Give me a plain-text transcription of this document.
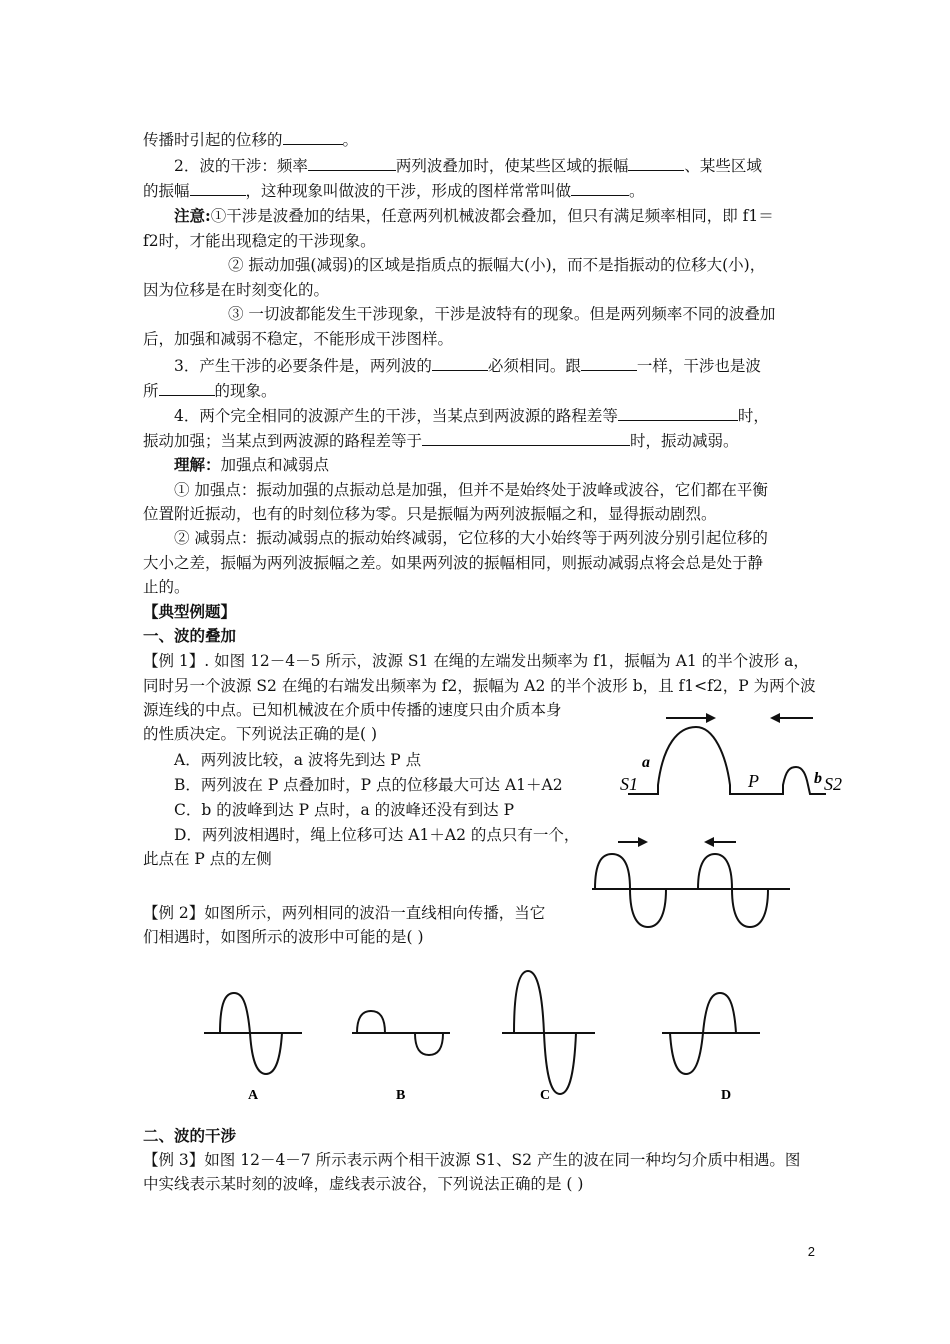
传播时引起的位移的	。
2．波的干涉：频率	两列波叠加时，使某些区域的振幅	、某些区域
的振幅	，这种现象叫做波的干涉，形成的图样常常叫做	。
注意:①干涉是波叠加的结果，任意两列机械波都会叠加，但只有满足频率相同，即 f1＝
f2时，才能出现稳定的干涉现象。
② 振动加强(减弱)的区域是指质点的振幅大(小)，而不是指振动的位移大(小)，
因为位移是在时刻变化的。
③ 一切波都能发生干涉现象，干涉是波特有的现象。但是两列频率不同的波叠加
后，加强和减弱不稳定，不能形成干涉图样。
3．产生干涉的必要条件是，两列波的	必须相同。跟	一样，干涉也是波
所	的现象。
4．两个完全相同的波源产生的干涉，当某点到两波源的路程差等	时，
振动加强；当某点到两波源的路程差等于	时，振动减弱。
理解：加强点和减弱点
① 加强点：振动加强的点振动总是加强，但并不是始终处于波峰或波谷，它们都在平衡
位置附近振动，也有的时刻位移为零。只是振幅为两列波振幅之和，显得振动剧烈。
② 减弱点：振动减弱点的振动始终减弱，它位移的大小始终等于两列波分别引起位移的
大小之差，振幅为两列波振幅之差。如果两列波的振幅相同，则振动减弱点将会总是处于静
止的。
【典型例题】
一、波的叠加
【例 1】. 如图 12－4－5 所示，波源 S1 在绳的左端发出频率为 f1，振幅为 A1 的半个波形 a，
同时另一个波源 S2 在绳的右端发出频率为 f2，振幅为 A2 的半个波形 b，且 f1<f2，P 为两个波
源连线的中点。已知机械波在介质中传播的速度只由介质本身
的性质决定。下列说法正确的是( )
A．两列波比较，a 波将先到达 P 点
B．两列波在 P 点叠加时，P 点的位移最大可达 A1＋A2
C．b 的波峰到达 P 点时，a 的波峰还没有到达 P
D．两列波相遇时，绳上位移可达 A1＋A2 的点只有一个，
此点在 P 点的左侧
a
P	b
S1	S2
【例 2】如图所示，两列相同的波沿一直线相向传播，当它
们相遇时，如图所示的波形中可能的是( )
A	B	C	D
二、波的干涉
【例 3】如图 12－4－7 所示表示两个相干波源 S1、S2 产生的波在同一种均匀介质中相遇。图
中实线表示某时刻的波峰，虚线表示波谷，下列说法正确的是 ( )
2
